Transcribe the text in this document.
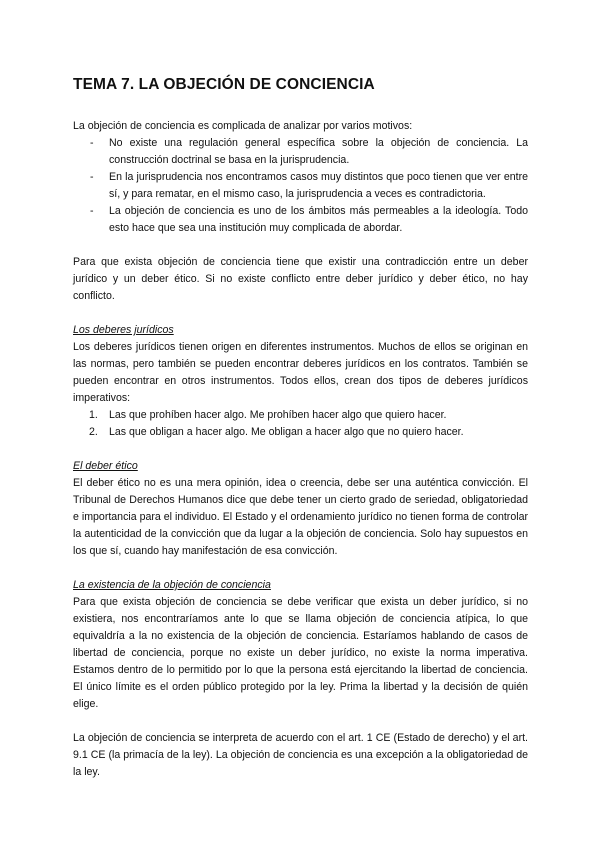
TEMA 7. LA OBJECIÓN DE CONCIENCIA

La objeción de conciencia es complicada de analizar por varios motivos:

- No existe una regulación general específica sobre la objeción de conciencia. La construcción doctrinal se basa en la jurisprudencia.
- En la jurisprudencia nos encontramos casos muy distintos que poco tienen que ver entre sí, y para rematar, en el mismo caso, la jurisprudencia a veces es contradictoria.
- La objeción de conciencia es uno de los ámbitos más permeables a la ideología. Todo esto hace que sea una institución muy complicada de abordar.

Para que exista objeción de conciencia tiene que existir una contradicción entre un deber jurídico y un deber ético. Si no existe conflicto entre deber jurídico y deber ético, no hay conflicto.

Los deberes jurídicos

Los deberes jurídicos tienen origen en diferentes instrumentos. Muchos de ellos se originan en las normas, pero también se pueden encontrar deberes jurídicos en los contratos. También se pueden encontrar en otros instrumentos. Todos ellos, crean dos tipos de deberes jurídicos imperativos:

1. Las que prohíben hacer algo. Me prohíben hacer algo que quiero hacer.
2. Las que obligan a hacer algo. Me obligan a hacer algo que no quiero hacer.

El deber ético

El deber ético no es una mera opinión, idea o creencia, debe ser una auténtica convicción. El Tribunal de Derechos Humanos dice que debe tener un cierto grado de seriedad, obligatoriedad e importancia para el individuo. El Estado y el ordenamiento jurídico no tienen forma de controlar la autenticidad de la convicción que da lugar a la objeción de conciencia. Solo hay supuestos en los que sí, cuando hay manifestación de esa convicción.

La existencia de la objeción de conciencia

Para que exista objeción de conciencia se debe verificar que exista un deber jurídico, si no existiera, nos encontraríamos ante lo que se llama objeción de conciencia atípica, lo que equivaldría a la no existencia de la objeción de conciencia. Estaríamos hablando de casos de libertad de conciencia, porque no existe un deber jurídico, no existe la norma imperativa. Estamos dentro de lo permitido por lo que la persona está ejercitando la libertad de conciencia. El único límite es el orden público protegido por la ley. Prima la libertad y la decisión de quién elige.

La objeción de conciencia se interpreta de acuerdo con el art. 1 CE (Estado de derecho) y el art. 9.1 CE (la primacía de la ley). La objeción de conciencia es una excepción a la obligatoriedad de la ley.
